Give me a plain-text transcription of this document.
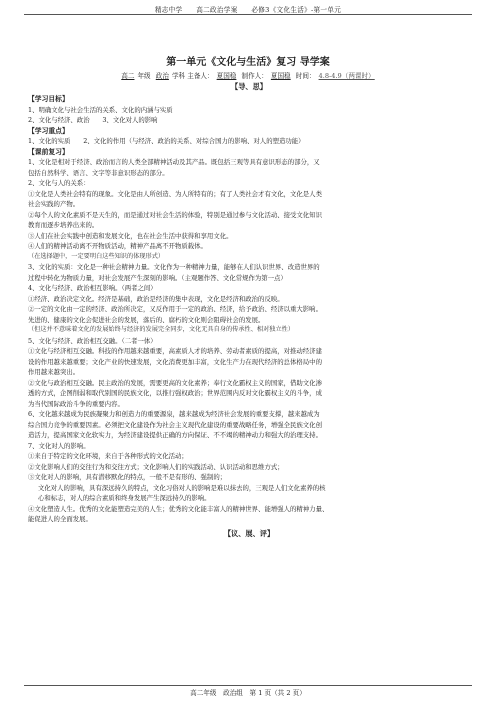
精志中学　　高二政治学案　　必修3《文化生活》-第一单元
第一单元《文化与生活》复习 导学案
高二 年级 政治 学科 主备人： 夏国稳 制作人： 夏国稳 时间： 4.8-4.9（两课时）
【导、思】
【学习目标】
1、明确文化与社会生活的关系、文化的内涵与实质
2、文化与经济、政治　　3、文化对人的影响
【学习重点】
1、文化的实质　　2、文化的作用（与经济、政治的关系、对综合国力的影响、对人的塑造功能）
【课前复习】
1、文化是相对于经济、政治而言的人类全部精神活动及其产品。既包括三观等具有意识形态的部分，又
包括自然科学、语言、文字等非意识形态的部分。
2、文化与人的关系：
①文化是人类社会特有的现象。文化是由人所创造、为人所特有的；有了人类社会才有文化，文化是人类
社会实践的产物。
②每个人的文化素质不是天生的，而是通过对社会生活的体验，特别是通过参与文化活动、接受文化知识
教育而逐步培养出来的。
③人们在社会实践中创造和发展文化，也在社会生活中获得和享用文化。
④人们的精神活动离不开物质活动，精神产品离不开物质载体。
（在选择题中，一定要明白这些知识的体现形式）
3、文化的实质：文化是一种社会精神力量。文化作为一种精神力量，能够在人们认识世界、改造世界的
过程中转化为物质力量，对社会发展产生深刻的影响。（主观题作答、文化常规作为第一点）
4、文化与经济、政治相互影响。（两者之间）
①经济、政治决定文化。经济是基础，政治是经济的集中表现，文化是经济和政治的反映。
②一定的文化由一定的经济、政治所决定，又反作用于一定的政治、经济，给予政治、经济以重大影响。
先进的、健康的文化会促进社会的发展，落后的、腐朽的文化则会阻碍社会的发展。
（但这并不意味着文化的发展始终与经济的发展完全同步，文化无具自身的传承性、相对独立性）
5、文化与经济、政治相互交融。（二者一体）
①文化与经济相互交融。科技的作用越来越重要，高素质人才的培养、劳动者素质的提高，对推动经济建
设的作用越来越重要；文化产业的快速发展，文化消费更加丰富，文化生产力在现代经济的总体格局中的
作用越来越突出。
②文化与政治相互交融。民主政治的发展，需要更高的文化素养；奉行文化霸权主义的国家，借助文化渗
透的方式，企图削弱和取代别国的民族文化，以推行强权政治；世界范围内反对文化霸权主义的斗争，成
为当代国际政治斗争的重要内容。
6、文化越来越成为民族凝聚力和创造力的重要源泉，越来越成为经济社会发展的重要支撑，越来越成为
综合国力竞争的重要因素。必须把文化建设作为社会主义现代化建设的重要战略任务，增强全民族文化创
造活力，提高国家文化软实力，为经济建设提供正确的方向保证、不不竭的精神动力和强大的治理支持。
7、文化对人的影响。
①来自于特定的文化环境，来自于各种形式的文化活动；
②文化影响人们的交往行为和交往方式；文化影响人们的实践活动、认识活动和思维方式；
③文化对人的影响，具有潜移默化的特点，一般不是有形的、强制的；
文化对人的影响，具有深远持久的特点，文化习俗对人的影响是难以抹去的，三观是人们文化素养的核
心和标志，对人的综合素质和终身发展产生深远持久的影响。
④文化塑造人生。优秀的文化能塑造完美的人生；优秀的文化能丰富人的精神世界、能增强人的精神力量、
能促进人的全面发展。
【议、展、评】
高二年级　政治组　第 1 页（共 2 页）
